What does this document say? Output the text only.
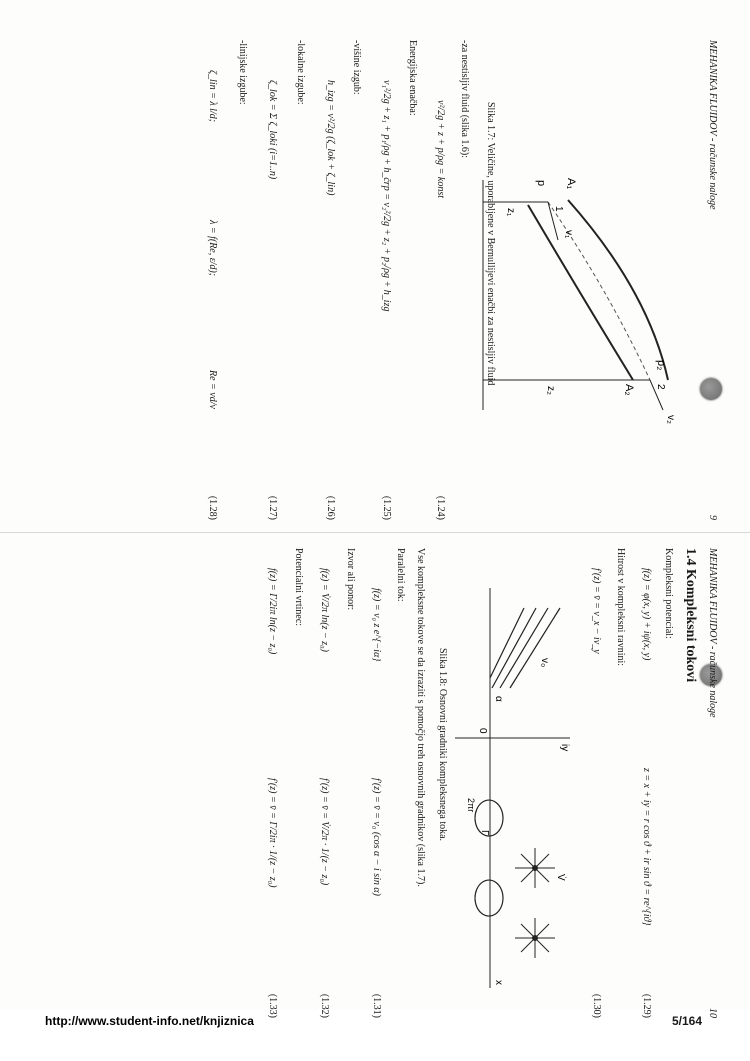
MEHANIKA FLUIDOV - računske naloge
9
A₁
p
1
v₁
z₁
A₂
p₂
2
v₂
z₂
Slika 1.7: Veličine, uporabljene v Bernullijevi enačbi za nestisljiv fluid
-za nestisljiv fluid (slika 1.6):
v²/2g + z + p/ρg = konst
(1.24)
Energijska enačba:
v₁²/2g + z₁ + p₁/ρg + h_črp = v₂²/2g + z₂ + p₂/ρg + h_izg
(1.25)
-višine izgub:
h_izg = v²/2g (ζ_lok + ζ_lin)
(1.26)
-lokalne izgube:
ζ_lok = Σ ζ_loki (i=1..n)
(1.27)
-linijske izgube:
ζ_lin = λ l/d;
λ = f(Re, ε/d);
Re = vd/ν
(1.28)
MEHANIKA FLUIDOV - računske naloge
10
1.4 Kompleksni tokovi
Kompleksni potencial:
f(z) = φ(x, y) + iψ(x, y)
z = x + iy = r cos ϑ + ir sin ϑ = re^{iϑ}
(1.29)
Hitrost v kompleksni ravnini:
f'(z) = v̄ = v_x − iv_y
(1.30)
iy
x
0
v₀
α
Γ
2πr
V̇
Slika 1.8: Osnovni gradniki kompleksnega toka.
Vse kompleksne tokove se da izraziti s pomočjo treh osnovnih gradnikov (slika 1.7).
Paralelni tok:
f(z) = v₀ z e^{−iα}
f'(z) = v̄ = v₀ (cos α − i sin α)
(1.31)
Izvor ali ponor:
f(z) = V̇/2π ln(z − z₀)
f'(z) = v̄ = V̇/2π · 1/(z − z₀)
(1.32)
Potencialni vrtinec:
f(z) = Γ/2iπ ln(z − z₀)
f'(z) = v̄ = Γ/2iπ · 1/(z − z₀)
(1.33)
http://www.student-info.net/knjiznica	5/164
